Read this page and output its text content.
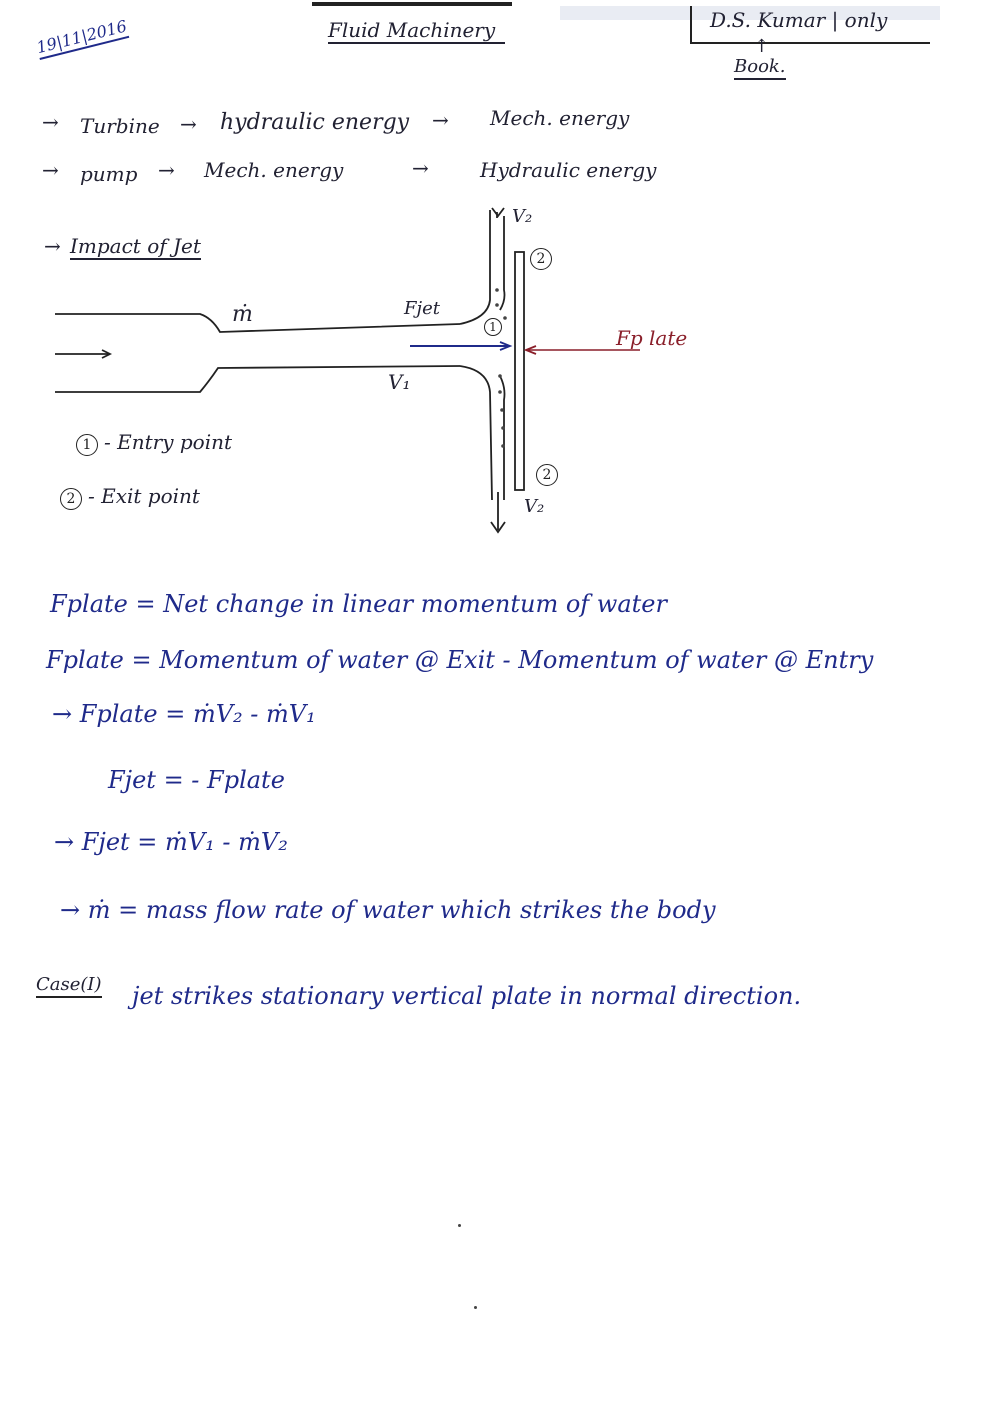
19|11|2016	Fluid Machinery	D.S. Kumar | only
↑
Book.
→ Turbine → hydraulic energy → Mech. energy
→ pump → Mech. energy	→	Hydraulic energy
→ Impact of Jet
ṁ	Fjet
V₁
V₂
V₂
Fp late
1
2
2
1 - Entry point
2 - Exit point
Fplate = Net change in linear momentum of water
Fplate = Momentum of water @ Exit - Momentum of water @ Entry
→ Fplate = ṁV₂ - ṁV₁
Fjet = - Fplate
→ Fjet = ṁV₁ - ṁV₂
→ ṁ = mass flow rate of water which strikes the body
Case(I) jet strikes stationary vertical plate in normal direction.
